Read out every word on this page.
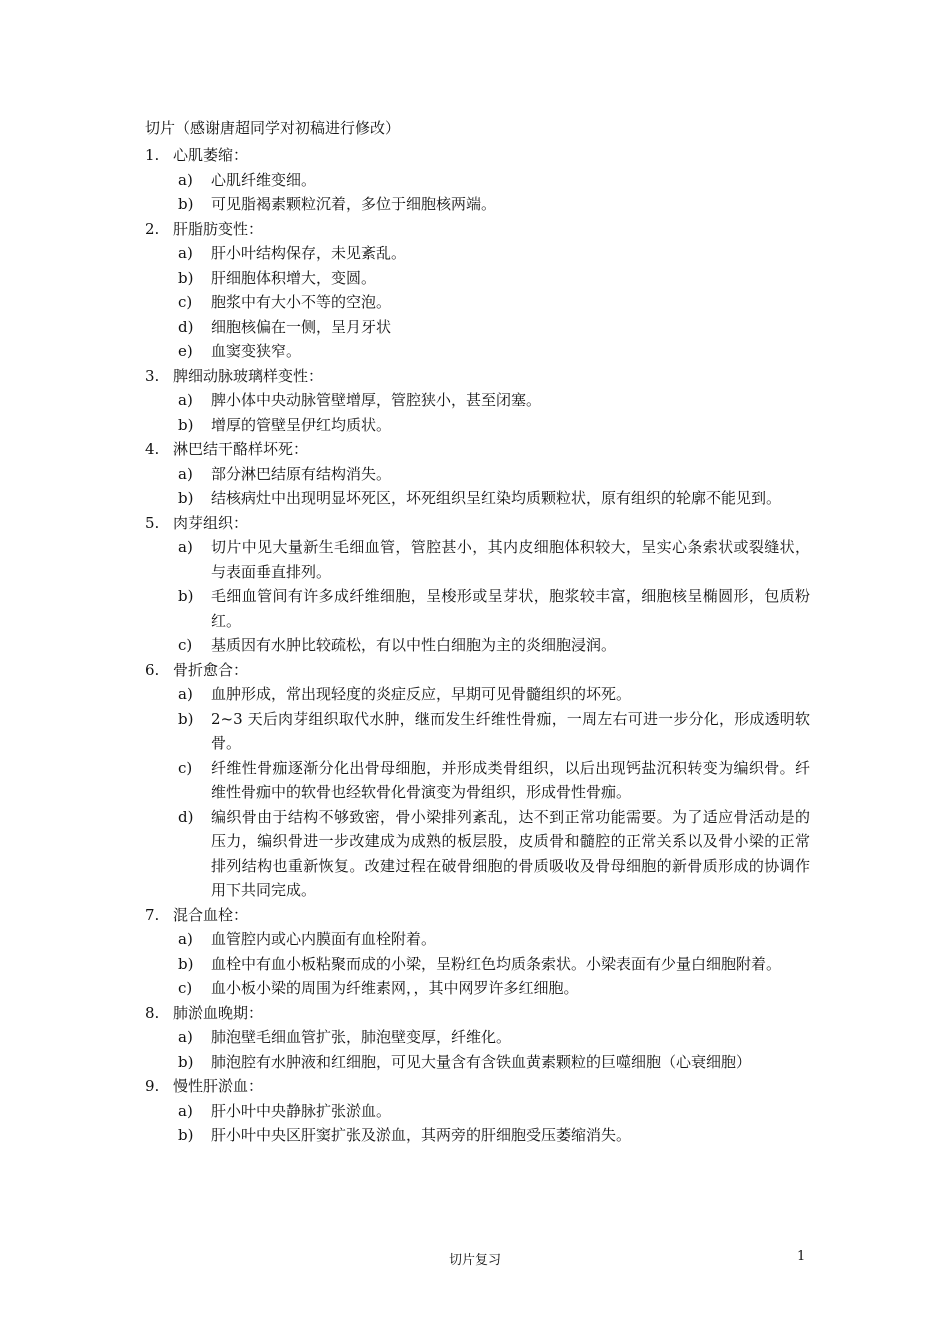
切片（感谢唐超同学对初稿进行修改）

1. 心肌萎缩：
a)	心肌纤维变细。
b)	可见脂褐素颗粒沉着，多位于细胞核两端。
2. 肝脂肪变性：
a)	肝小叶结构保存，未见紊乱。
b)	肝细胞体积增大，变圆。
c)	胞浆中有大小不等的空泡。
d)	细胞核偏在一侧，呈月牙状
e)	血窦变狭窄。
3. 脾细动脉玻璃样变性：
a)	脾小体中央动脉管壁增厚，管腔狭小，甚至闭塞。
b)	增厚的管壁呈伊红均质状。
4. 淋巴结干酪样坏死：
a)	部分淋巴结原有结构消失。
b)	结核病灶中出现明显坏死区，坏死组织呈红染均质颗粒状，原有组织的轮廓不能见到。
5. 肉芽组织：
a)	切片中见大量新生毛细血管，管腔甚小，其内皮细胞体积较大，呈实心条索状或裂缝状，与表面垂直排列。
b)	毛细血管间有许多成纤维细胞，呈梭形或呈芽状，胞浆较丰富，细胞核呈椭圆形，包质粉红。
c)	基质因有水肿比较疏松，有以中性白细胞为主的炎细胞浸润。
6. 骨折愈合：
a)	血肿形成，常出现轻度的炎症反应，早期可见骨髓组织的坏死。
b)	2~3 天后肉芽组织取代水肿，继而发生纤维性骨痂，一周左右可进一步分化，形成透明软骨。
c)	纤维性骨痂逐渐分化出骨母细胞，并形成类骨组织，以后出现钙盐沉积转变为编织骨。纤维性骨痂中的软骨也经软骨化骨演变为骨组织，形成骨性骨痂。
d)	编织骨由于结构不够致密，骨小梁排列紊乱，达不到正常功能需要。为了适应骨活动是的压力，编织骨进一步改建成为成熟的板层股，皮质骨和髓腔的正常关系以及骨小梁的正常排列结构也重新恢复。改建过程在破骨细胞的骨质吸收及骨母细胞的新骨质形成的协调作用下共同完成。
7. 混合血栓：
a)	血管腔内或心内膜面有血栓附着。
b)	血栓中有血小板粘聚而成的小梁，呈粉红色均质条索状。小梁表面有少量白细胞附着。
c)	血小板小梁的周围为纤维素网，，其中网罗许多红细胞。
8. 肺淤血晚期：
a)	肺泡壁毛细血管扩张，肺泡壁变厚，纤维化。
b)	肺泡腔有水肿液和红细胞，可见大量含有含铁血黄素颗粒的巨噬细胞（心衰细胞）
9. 慢性肝淤血：
a)	肝小叶中央静脉扩张淤血。
b)	肝小叶中央区肝窦扩张及淤血，其两旁的肝细胞受压萎缩消失。
切片复习	1
